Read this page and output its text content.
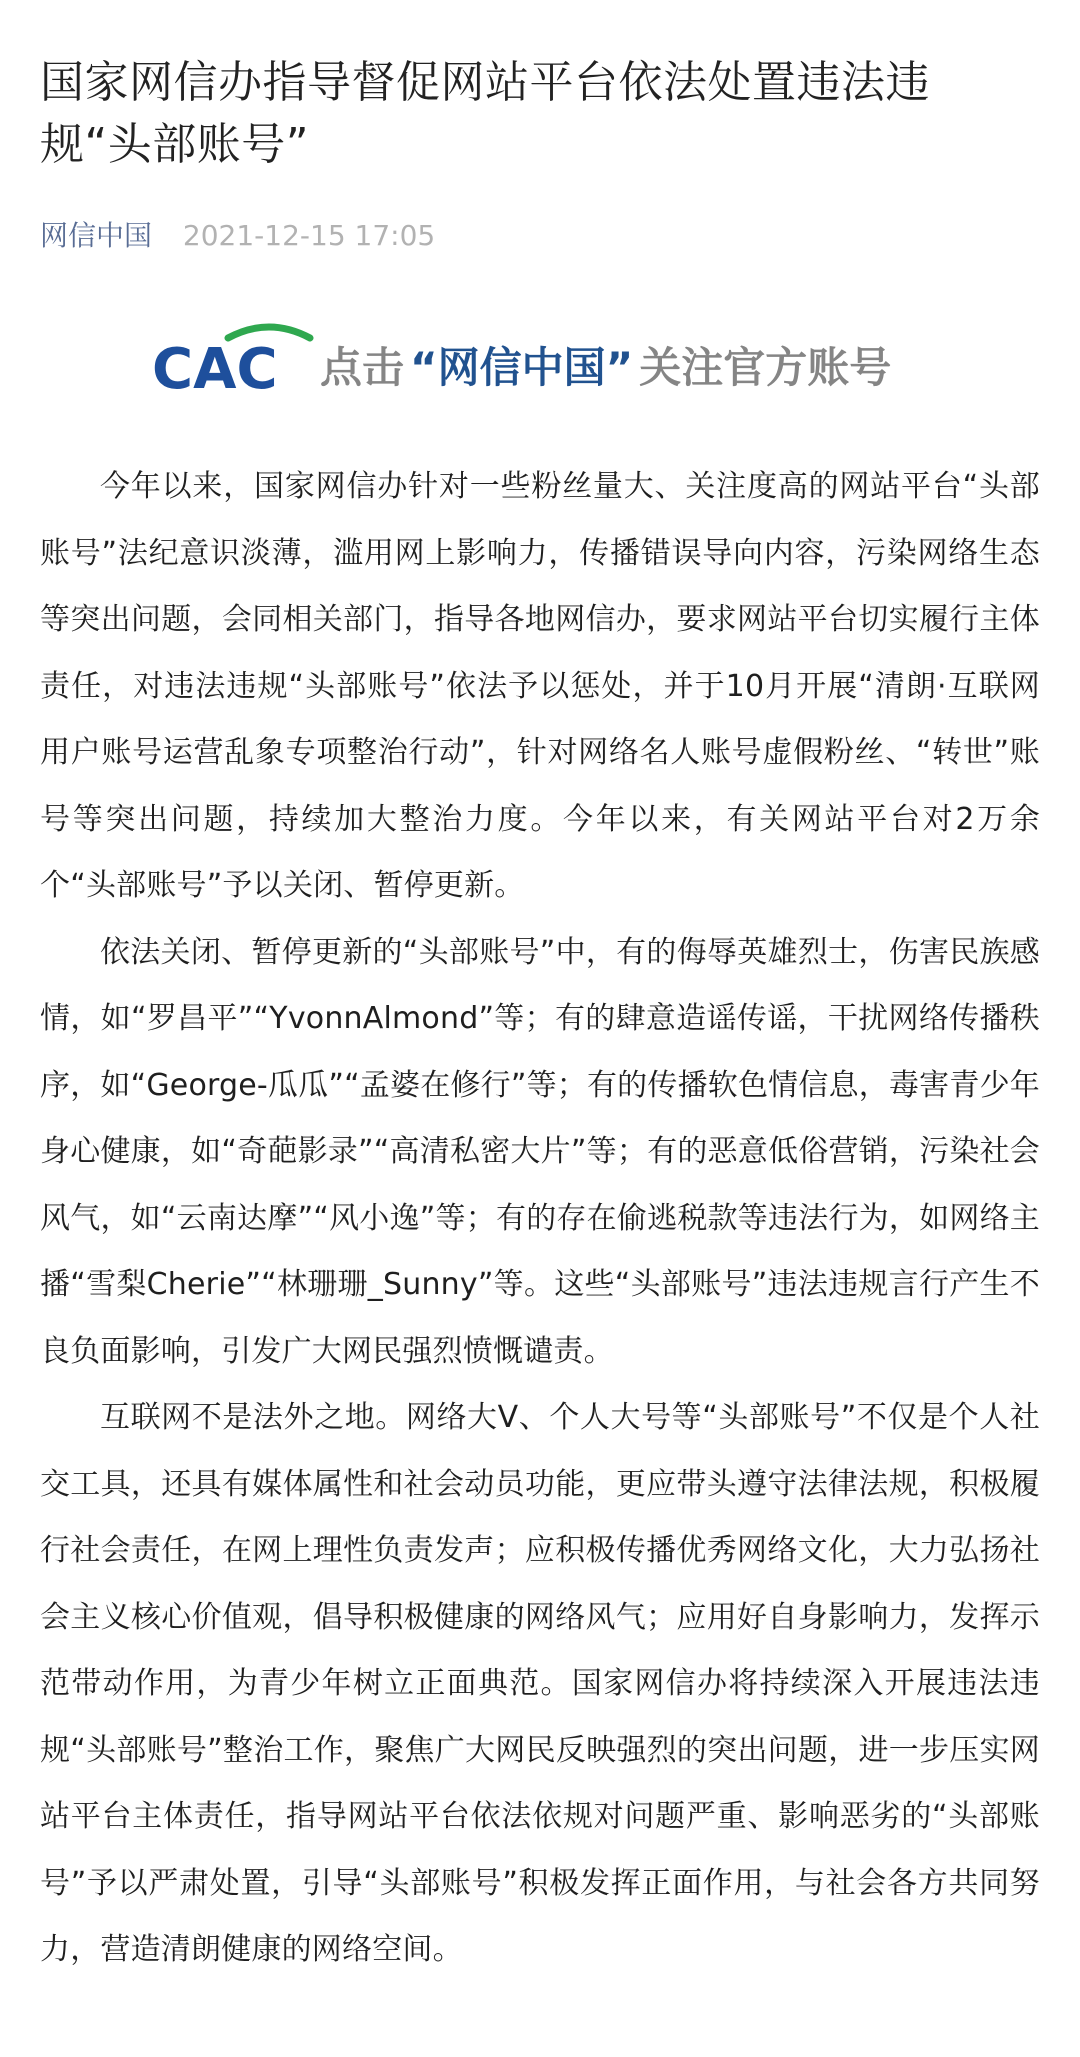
国家网信办指导督促网站平台依法处置违法违规“头部账号”
网信中国 2021-12-15 17:05
CAC 点击 “网信中国” 关注官方账号

今年以来，国家网信办针对一些粉丝量大、关注度高的网站平台“头部账号”法纪意识淡薄，滥用网上影响力，传播错误导向内容，污染网络生态等突出问题，会同相关部门，指导各地网信办，要求网站平台切实履行主体责任，对违法违规“头部账号”依法予以惩处，并于10月开展“清朗·互联网用户账号运营乱象专项整治行动”，针对网络名人账号虚假粉丝、“转世”账号等突出问题，持续加大整治力度。今年以来，有关网站平台对2万余个“头部账号”予以关闭、暂停更新。

依法关闭、暂停更新的“头部账号”中，有的侮辱英雄烈士，伤害民族感情，如“罗昌平”“YvonnAlmond”等；有的肆意造谣传谣，干扰网络传播秩序，如“George-瓜瓜”“孟婆在修行”等；有的传播软色情信息，毒害青少年身心健康，如“奇葩影录”“高清私密大片”等；有的恶意低俗营销，污染社会风气，如“云南达摩”“风小逸”等；有的存在偷逃税款等违法行为，如网络主播“雪梨Cherie”“林珊珊_Sunny”等。这些“头部账号”违法违规言行产生不良负面影响，引发广大网民强烈愤慨谴责。

互联网不是法外之地。网络大V、个人大号等“头部账号”不仅是个人社交工具，还具有媒体属性和社会动员功能，更应带头遵守法律法规，积极履行社会责任，在网上理性负责发声；应积极传播优秀网络文化，大力弘扬社会主义核心价值观，倡导积极健康的网络风气；应用好自身影响力，发挥示范带动作用，为青少年树立正面典范。国家网信办将持续深入开展违法违规“头部账号”整治工作，聚焦广大网民反映强烈的突出问题，进一步压实网站平台主体责任，指导网站平台依法依规对问题严重、影响恶劣的“头部账号”予以严肃处置，引导“头部账号”积极发挥正面作用，与社会各方共同努力，营造清朗健康的网络空间。
